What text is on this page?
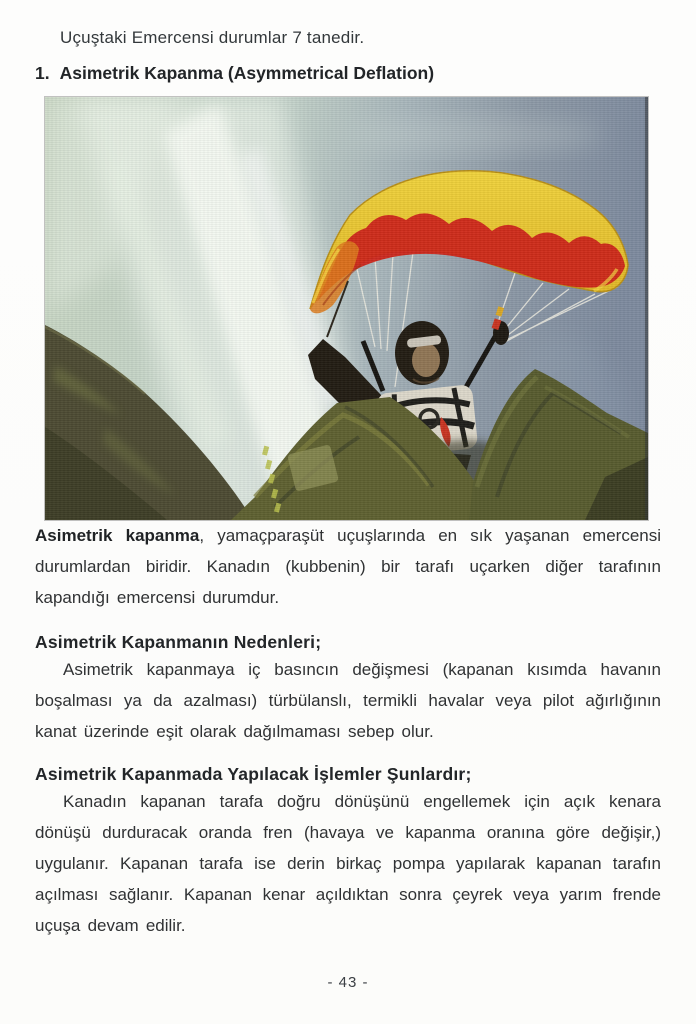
Uçuştaki Emercensi durumlar 7 tanedir.

1. Asimetrik Kapanma (Asymmetrical Deflation)

Asimetrik kapanma, yamaçparaşüt uçuşlarında en sık yaşanan emercensi durumlardan biridir. Kanadın (kubbenin) bir tarafı uçarken diğer tarafının kapandığı emercensi durumdur.

Asimetrik Kapanmanın Nedenleri;

Asimetrik kapanmaya iç basıncın değişmesi (kapanan kısımda havanın boşalması ya da azalması) türbülanslı, termikli havalar veya pilot ağırlığının kanat üzerinde eşit olarak dağılmaması sebep olur.

Asimetrik Kapanmada Yapılacak İşlemler Şunlardır;

Kanadın kapanan tarafa doğru dönüşünü engellemek için açık kenara dönüşü durduracak oranda fren (havaya ve kapanma oranına göre değişir,) uygulanır. Kapanan tarafa ise derin birkaç pompa yapılarak kapanan tarafın açılması sağlanır. Kapanan kenar açıldıktan sonra çeyrek veya yarım frende uçuşa devam edilir.

- 43 -
